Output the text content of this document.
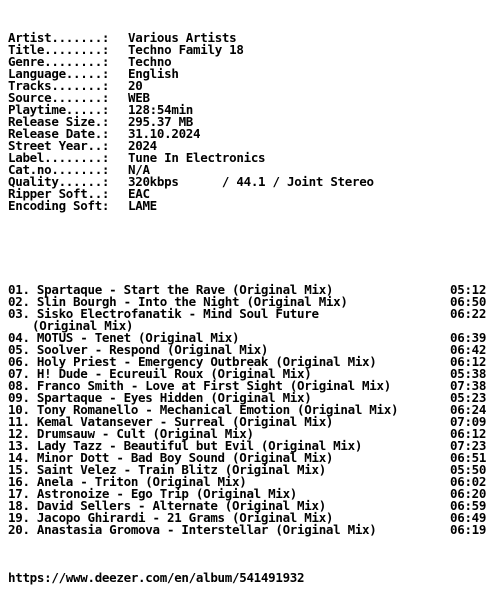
Artist.......: Various Artists
Title........: Techno Family 18
Genre........: Techno
Language.....: English
Tracks.......: 20
Source.......: WEB
Playtime.....: 128:54min
Release Size.: 295.37 MB
Release Date.: 31.10.2024
Street Year..: 2024
Label........: Tune In Electronics
Cat.no.......: N/A
Quality......: 320kbps      / 44.1 / Joint Stereo
Ripper Soft..: EAC
Encoding Soft: LAME

01. Spartaque - Start the Rave (Original Mix)	05:12
02. Slin Bourgh - Into the Night (Original Mix)	06:50
03. Sisko Electrofanatik - Mind Soul Future	06:22
(Original Mix)
04. MOTUS - Tenet (Original Mix)	06:39
05. Soolver - Respond (Original Mix)	06:42
06. Holy Priest - Emergency Outbreak (Original Mix)	06:12
07. H! Dude - Ecureuil Roux (Original Mix)	05:38
08. Franco Smith - Love at First Sight (Original Mix)	07:38
09. Spartaque - Eyes Hidden (Original Mix)	05:23
10. Tony Romanello - Mechanical Emotion (Original Mix)	06:24
11. Kemal Vatansever - Surreal (Original Mix)	07:09
12. Drumsauw - Cult (Original Mix)	06:12
13. Lady Tazz - Beautiful but Evil (Original Mix)	07:23
14. Minor Dott - Bad Boy Sound (Original Mix)	06:51
15. Saint Velez - Train Blitz (Original Mix)	05:50
16. Anela - Triton (Original Mix)	06:02
17. Astronoize - Ego Trip (Original Mix)	06:20
18. David Sellers - Alternate (Original Mix)	06:59
19. Jacopo Ghirardi - 21 Grams (Original Mix)	06:49
20. Anastasia Gromova - Interstellar (Original Mix)	06:19

https://www.deezer.com/en/album/541491932
